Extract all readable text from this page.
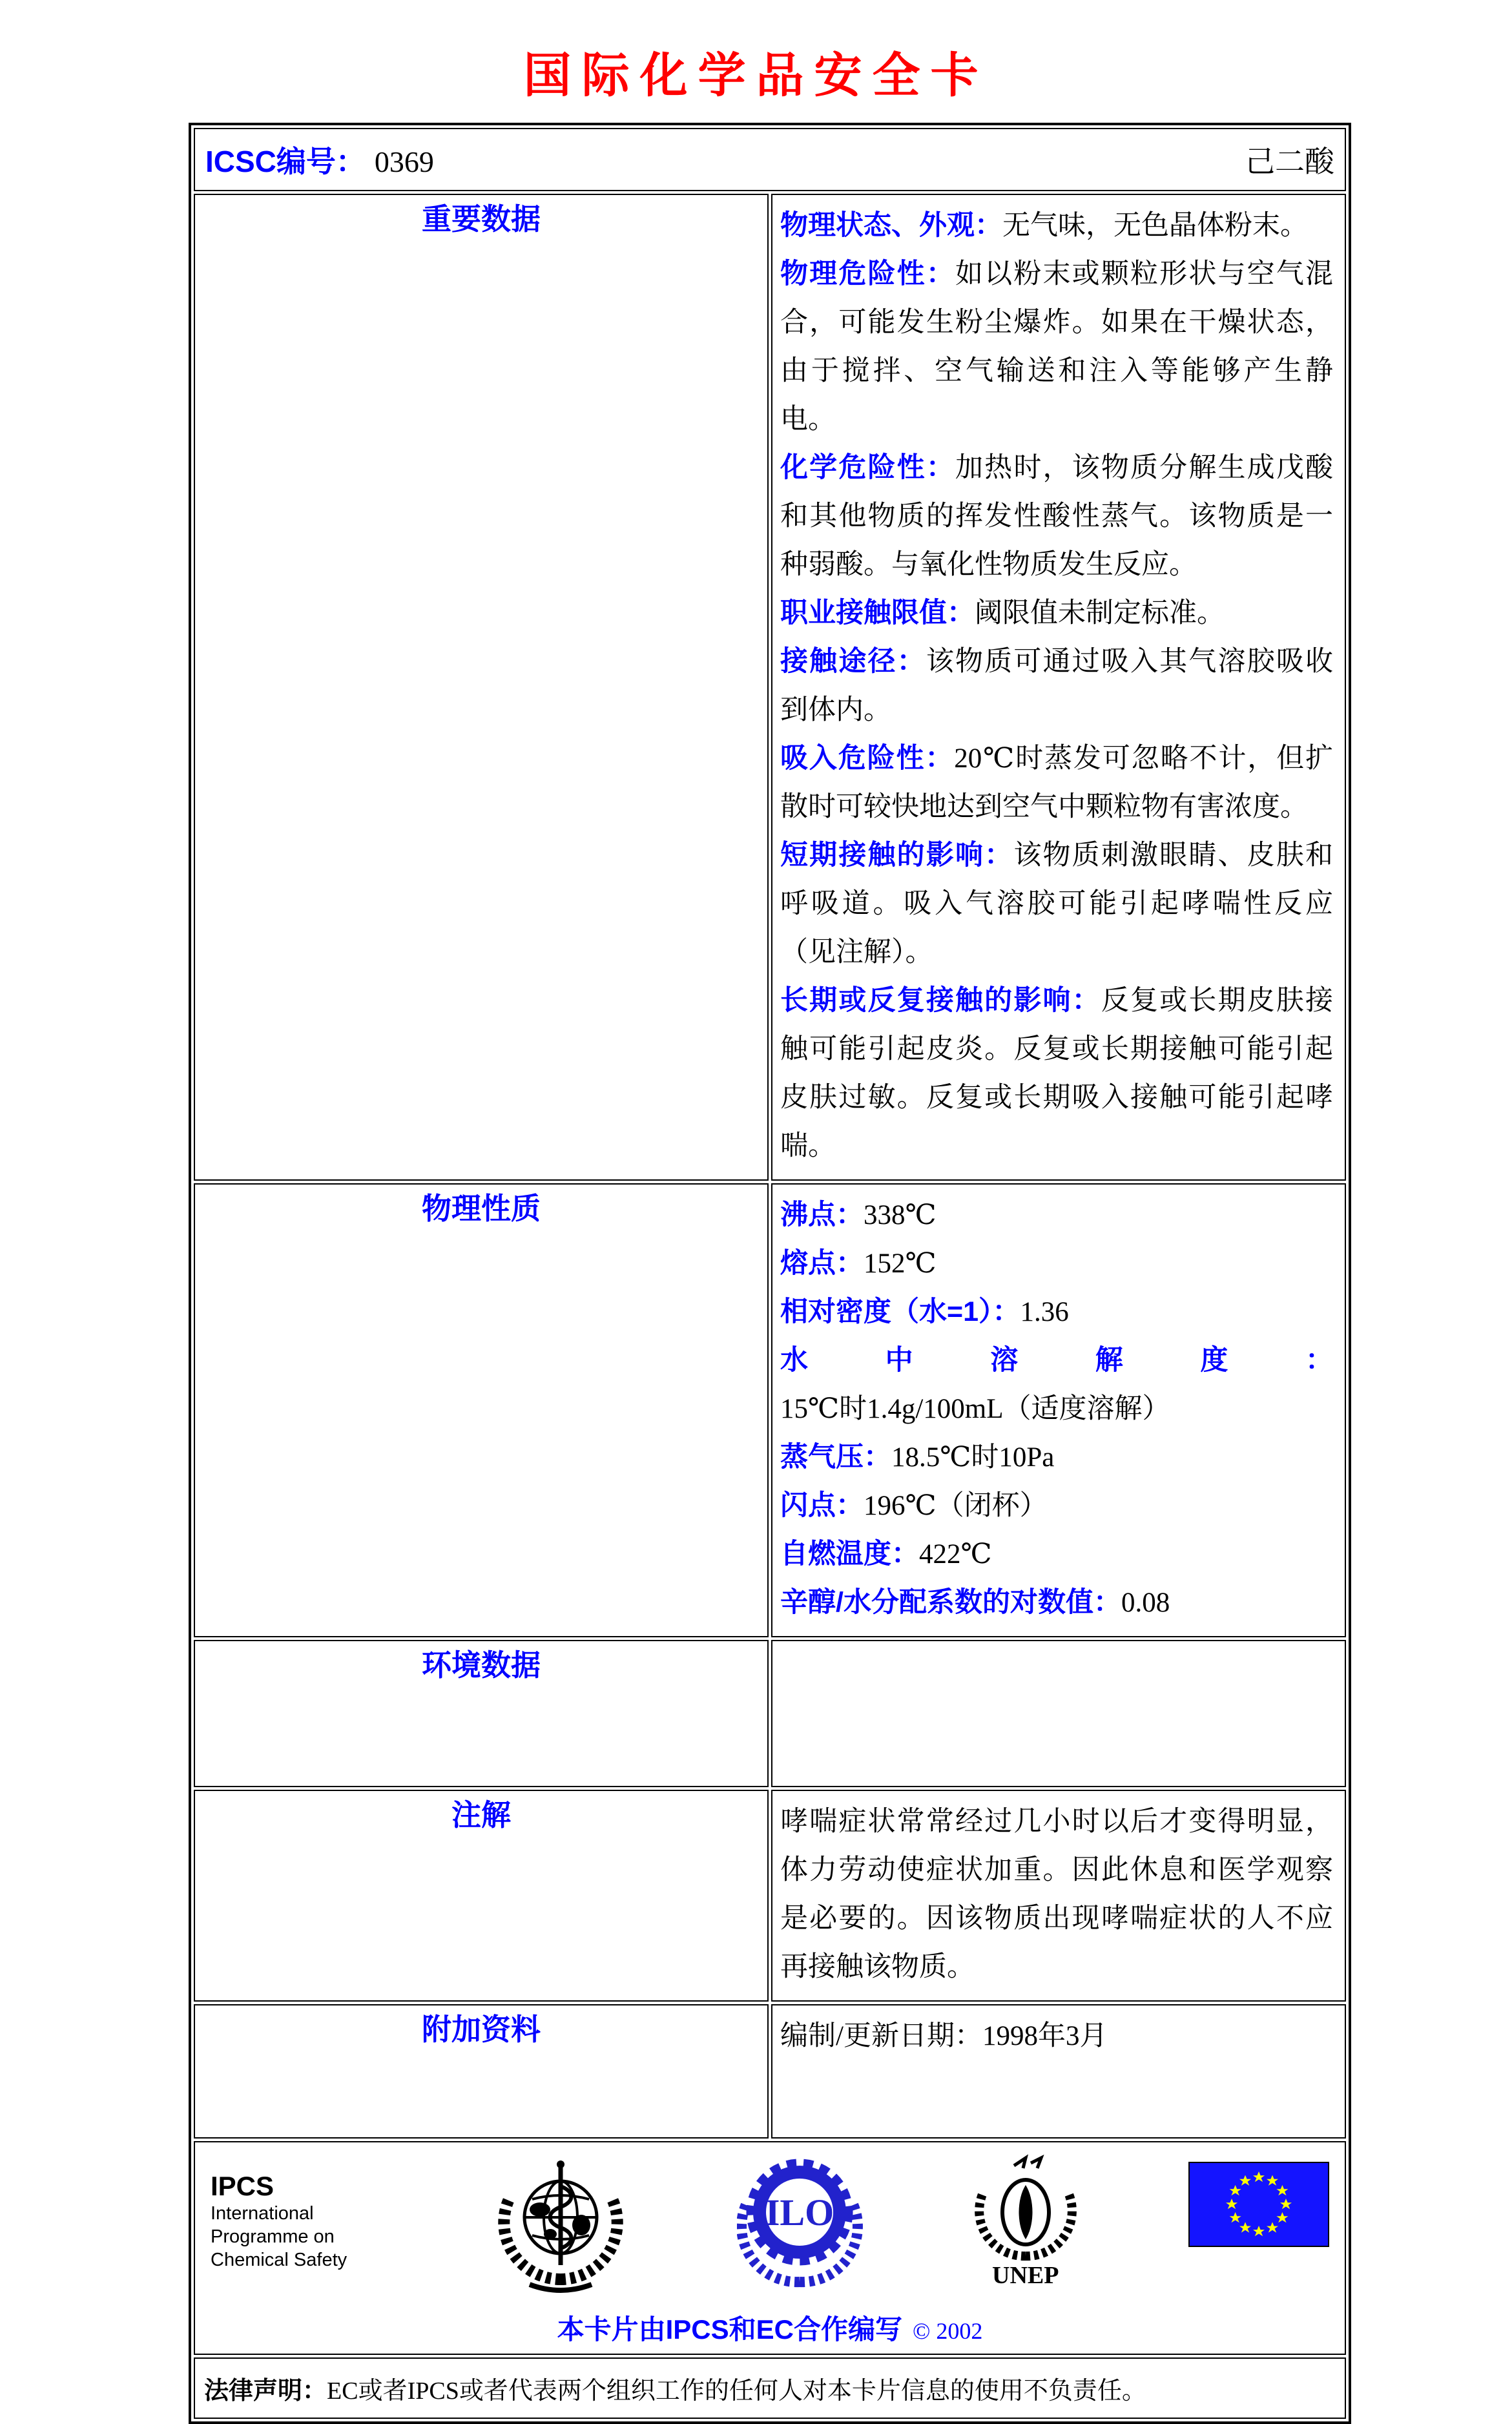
国际化学品安全卡
ICSC编号： 0369 己二酸	

重要数据	物理状态、外观：无气味，无色晶体粉末。

物理危险性：如以粉末或颗粒形状与空气混合，可能发生粉尘爆炸。如果在干燥状态，由于搅拌、空气输送和注入等能够产生静电。

化学危险性：加热时，该物质分解生成戊酸和其他物质的挥发性酸性蒸气。该物质是一种弱酸。与氧化性物质发生反应。

职业接触限值：阈限值未制定标准。

接触途径：该物质可通过吸入其气溶胶吸收到体内。

吸入危险性：20℃时蒸发可忽略不计，但扩散时可较快地达到空气中颗粒物有害浓度。

短期接触的影响：该物质刺激眼睛、皮肤和呼吸道。吸入气溶胶可能引起哮喘性反应（见注解）。

长期或反复接触的影响：反复或长期皮肤接触可能引起皮炎。反复或长期接触可能引起皮肤过敏。反复或长期吸入接触可能引起哮喘。

物理性质	沸点：338℃

熔点：152℃

相对密度（水=1）：1.36

水中溶解度：15℃时1.4g/100mL（适度溶解）

蒸气压：18.5℃时10Pa

闪点：196℃（闭杯）

自燃温度：422℃

辛醇/水分配系数的对数值：0.08

环境数据	
注解	哮喘症状常常经过几小时以后才变得明显，体力劳动使症状加重。因此休息和医学观察是必要的。因该物质出现哮喘症状的人不应再接触该物质。

附加资料	编制/更新日期：1998年3月

IPCS
International
Programme on
Chemical Safety
ILO
UNEP
本卡片由IPCS和EC合作编写 © 2002

法律声明：EC或者IPCS或者代表两个组织工作的任何人对本卡片信息的使用不负责任。	
